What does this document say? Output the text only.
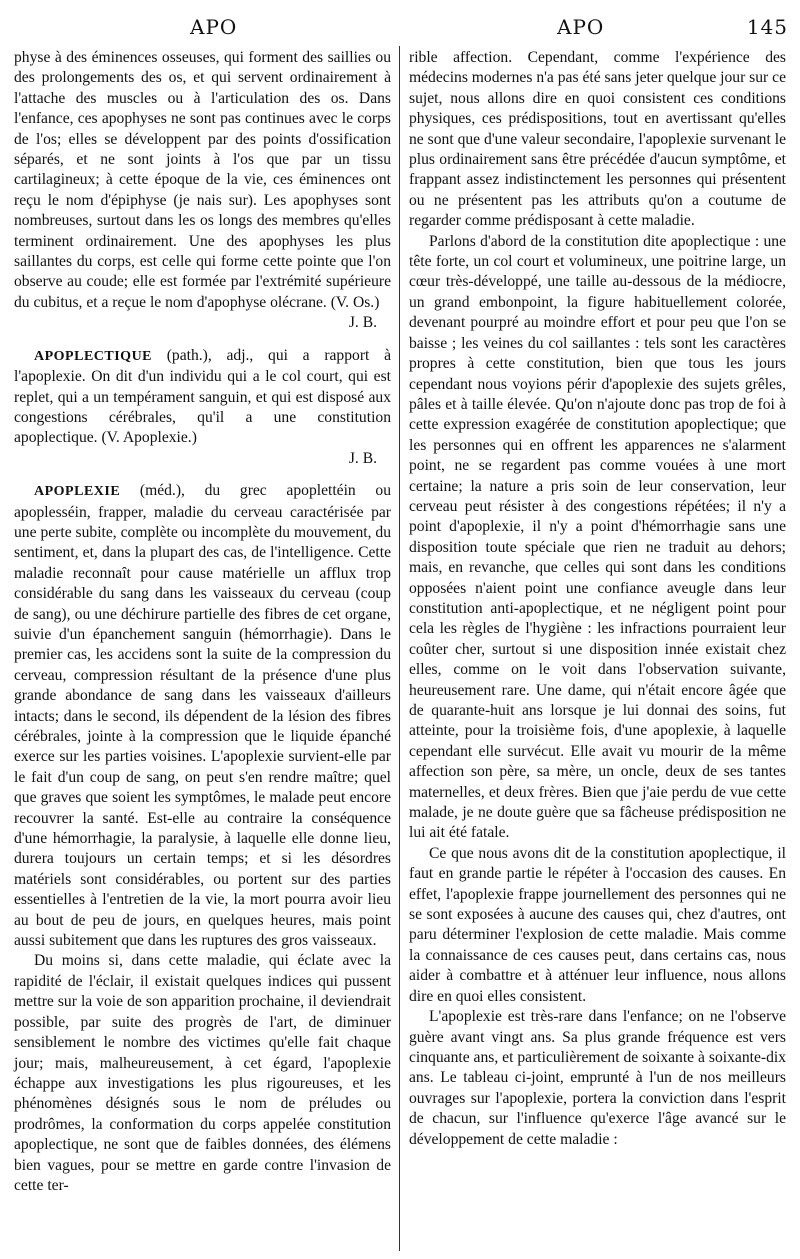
APO	APO	145

physe à des éminences osseuses, qui forment des saillies ou des prolongements des os, et qui servent ordinairement à l'attache des muscles ou à l'articulation des os. Dans l'enfance, ces apophyses ne sont pas continues avec le corps de l'os; elles se développent par des points d'ossification séparés, et ne sont joints à l'os que par un tissu cartilagineux; à cette époque de la vie, ces éminences ont reçu le nom d'épiphyse (je nais sur). Les apophyses sont nombreuses, surtout dans les os longs des membres qu'elles terminent ordinairement. Une des apophyses les plus saillantes du corps, est celle qui forme cette pointe que l'on observe au coude; elle est formée par l'extrémité supérieure du cubitus, et a reçue le nom d'apophyse olécrane. (V. Os.)

J. B.

APOPLECTIQUE (path.), adj., qui a rapport à l'apoplexie. On dit d'un individu qui a le col court, qui est replet, qui a un tempérament sanguin, et qui est disposé aux congestions cérébrales, qu'il a une constitution apoplectique. (V. Apoplexie.)

J. B.

APOPLEXIE (méd.), du grec apoplettéin ou apoplesséin, frapper, maladie du cerveau caractérisée par une perte subite, complète ou incomplète du mouvement, du sentiment, et, dans la plupart des cas, de l'intelligence. Cette maladie reconnaît pour cause matérielle un afflux trop considérable du sang dans les vaisseaux du cerveau (coup de sang), ou une déchirure partielle des fibres de cet organe, suivie d'un épanchement sanguin (hémorrhagie). Dans le premier cas, les accidens sont la suite de la compression du cerveau, compression résultant de la présence d'une plus grande abondance de sang dans les vaisseaux d'ailleurs intacts; dans le second, ils dépendent de la lésion des fibres cérébrales, jointe à la compression que le liquide épanché exerce sur les parties voisines. L'apoplexie survient-elle par le fait d'un coup de sang, on peut s'en rendre maître; quel que graves que soient les symptômes, le malade peut encore recouvrer la santé. Est-elle au contraire la conséquence d'une hémorrhagie, la paralysie, à laquelle elle donne lieu, durera toujours un certain temps; et si les désordres matériels sont considérables, ou portent sur des parties essentielles à l'entretien de la vie, la mort pourra avoir lieu au bout de peu de jours, en quelques heures, mais point aussi subitement que dans les ruptures des gros vaisseaux.

Du moins si, dans cette maladie, qui éclate avec la rapidité de l'éclair, il existait quelques indices qui pussent mettre sur la voie de son apparition prochaine, il deviendrait possible, par suite des progrès de l'art, de diminuer sensiblement le nombre des victimes qu'elle fait chaque jour; mais, malheureusement, à cet égard, l'apoplexie échappe aux investigations les plus rigoureuses, et les phénomènes désignés sous le nom de préludes ou prodrômes, la conformation du corps appelée constitution apoplectique, ne sont que de faibles données, des élémens bien vagues, pour se mettre en garde contre l'invasion de cette ter-

rible affection. Cependant, comme l'expérience des médecins modernes n'a pas été sans jeter quelque jour sur ce sujet, nous allons dire en quoi consistent ces conditions physiques, ces prédispositions, tout en avertissant qu'elles ne sont que d'une valeur secondaire, l'apoplexie survenant le plus ordinairement sans être précédée d'aucun symptôme, et frappant assez indistinctement les personnes qui présentent ou ne présentent pas les attributs qu'on a coutume de regarder comme prédisposant à cette maladie.

Parlons d'abord de la constitution dite apoplectique : une tête forte, un col court et volumineux, une poitrine large, un cœur très-développé, une taille au-dessous de la médiocre, un grand embonpoint, la figure habituellement colorée, devenant pourpré au moindre effort et pour peu que l'on se baisse ; les veines du col saillantes : tels sont les caractères propres à cette constitution, bien que tous les jours cependant nous voyions périr d'apoplexie des sujets grêles, pâles et à taille élevée. Qu'on n'ajoute donc pas trop de foi à cette expression exagérée de constitution apoplectique; que les personnes qui en offrent les apparences ne s'alarment point, ne se regardent pas comme vouées à une mort certaine; la nature a pris soin de leur conservation, leur cerveau peut résister à des congestions répétées; il n'y a point d'apoplexie, il n'y a point d'hémorrhagie sans une disposition toute spéciale que rien ne traduit au dehors; mais, en revanche, que celles qui sont dans les conditions opposées n'aient point une confiance aveugle dans leur constitution anti-apoplectique, et ne négligent point pour cela les règles de l'hygiène : les infractions pourraient leur coûter cher, surtout si une disposition innée existait chez elles, comme on le voit dans l'observation suivante, heureusement rare. Une dame, qui n'était encore âgée que de quarante-huit ans lorsque je lui donnai des soins, fut atteinte, pour la troisième fois, d'une apoplexie, à laquelle cependant elle survécut. Elle avait vu mourir de la même affection son père, sa mère, un oncle, deux de ses tantes maternelles, et deux frères. Bien que j'aie perdu de vue cette malade, je ne doute guère que sa fâcheuse prédisposition ne lui ait été fatale.

Ce que nous avons dit de la constitution apoplectique, il faut en grande partie le répéter à l'occasion des causes. En effet, l'apoplexie frappe journellement des personnes qui ne se sont exposées à aucune des causes qui, chez d'autres, ont paru déterminer l'explosion de cette maladie. Mais comme la connaissance de ces causes peut, dans certains cas, nous aider à combattre et à atténuer leur influence, nous allons dire en quoi elles consistent.

L'apoplexie est très-rare dans l'enfance; on ne l'observe guère avant vingt ans. Sa plus grande fréquence est vers cinquante ans, et particulièrement de soixante à soixante-dix ans. Le tableau ci-joint, emprunté à l'un de nos meilleurs ouvrages sur l'apoplexie, portera la conviction dans l'esprit de chacun, sur l'influence qu'exerce l'âge avancé sur le développement de cette maladie :
